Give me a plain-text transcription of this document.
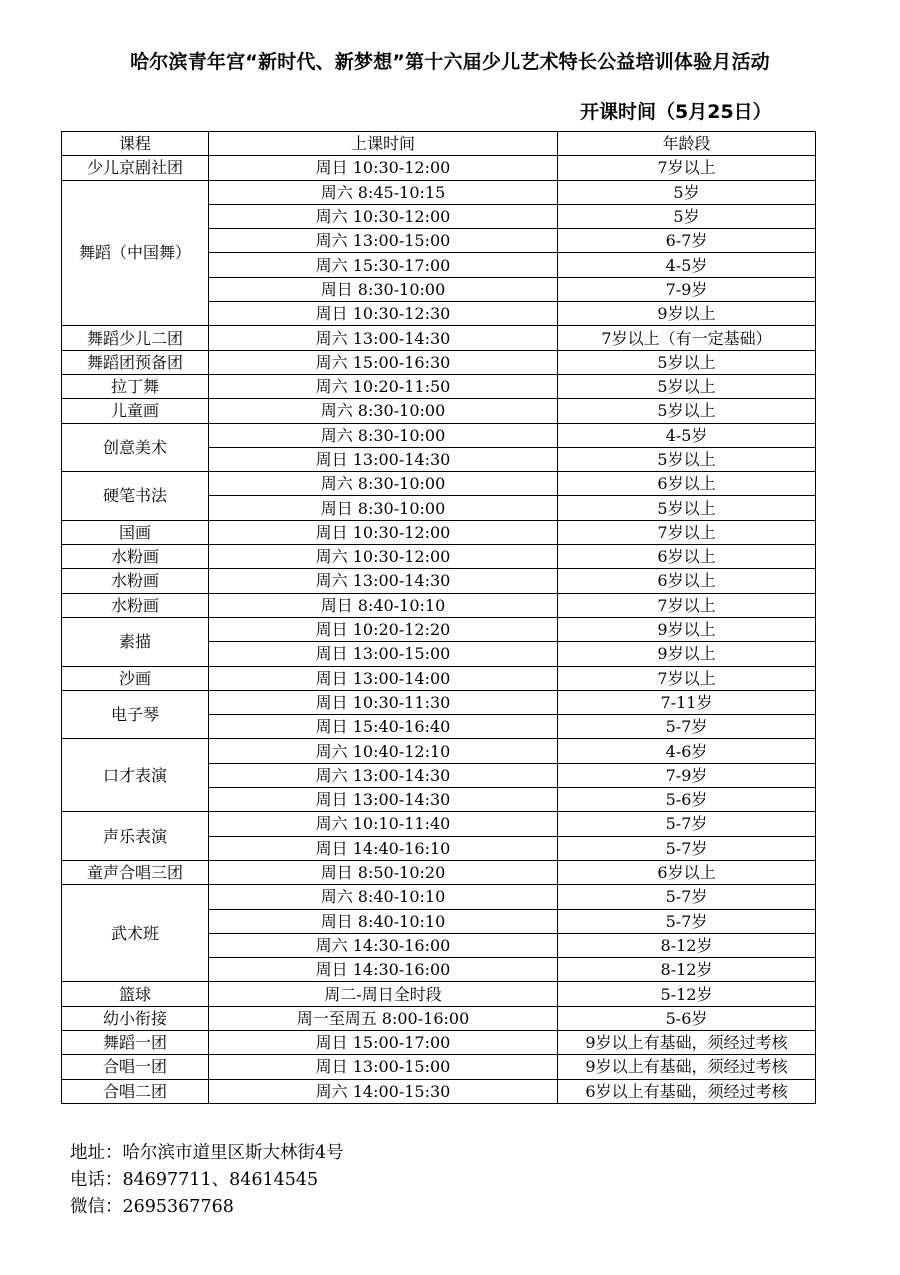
哈尔滨青年宫“新时代、新梦想”第十六届少儿艺术特长公益培训体验月活动
开课时间（5月25日）
课程	上课时间	年龄段
少儿京剧社团	周日 10:30-12:00	7岁以上
舞蹈（中国舞）	周六 8:45-10:15	5岁
	周六 10:30-12:00	5岁
	周六 13:00-15:00	6-7岁
	周六 15:30-17:00	4-5岁
	周日 8:30-10:00	7-9岁
	周日 10:30-12:30	9岁以上
舞蹈少儿二团	周六 13:00-14:30	7岁以上（有一定基础）
舞蹈团预备团	周六 15:00-16:30	5岁以上
拉丁舞	周六 10:20-11:50	5岁以上
儿童画	周六 8:30-10:00	5岁以上
创意美术	周六 8:30-10:00	4-5岁
	周日 13:00-14:30	5岁以上
硬笔书法	周六 8:30-10:00	6岁以上
	周日 8:30-10:00	5岁以上
国画	周日 10:30-12:00	7岁以上
水粉画	周六 10:30-12:00	6岁以上
水粉画	周六 13:00-14:30	6岁以上
水粉画	周日 8:40-10:10	7岁以上
素描	周日 10:20-12:20	9岁以上
	周日 13:00-15:00	9岁以上
沙画	周日 13:00-14:00	7岁以上
电子琴	周日 10:30-11:30	7-11岁
	周日 15:40-16:40	5-7岁
口才表演	周六 10:40-12:10	4-6岁
	周六 13:00-14:30	7-9岁
	周日 13:00-14:30	5-6岁
声乐表演	周六 10:10-11:40	5-7岁
	周日 14:40-16:10	5-7岁
童声合唱三团	周日 8:50-10:20	6岁以上
武术班	周六 8:40-10:10	5-7岁
	周日 8:40-10:10	5-7岁
	周六 14:30-16:00	8-12岁
	周日 14:30-16:00	8-12岁
篮球	周二-周日全时段	5-12岁
幼小衔接	周一至周五 8:00-16:00	5-6岁
舞蹈一团	周日 15:00-17:00	9岁以上有基础，须经过考核
合唱一团	周日 13:00-15:00	9岁以上有基础，须经过考核
合唱二团	周六 14:00-15:30	6岁以上有基础，须经过考核
地址：哈尔滨市道里区斯大林街4号
电话：84697711、84614545
微信：2695367768
